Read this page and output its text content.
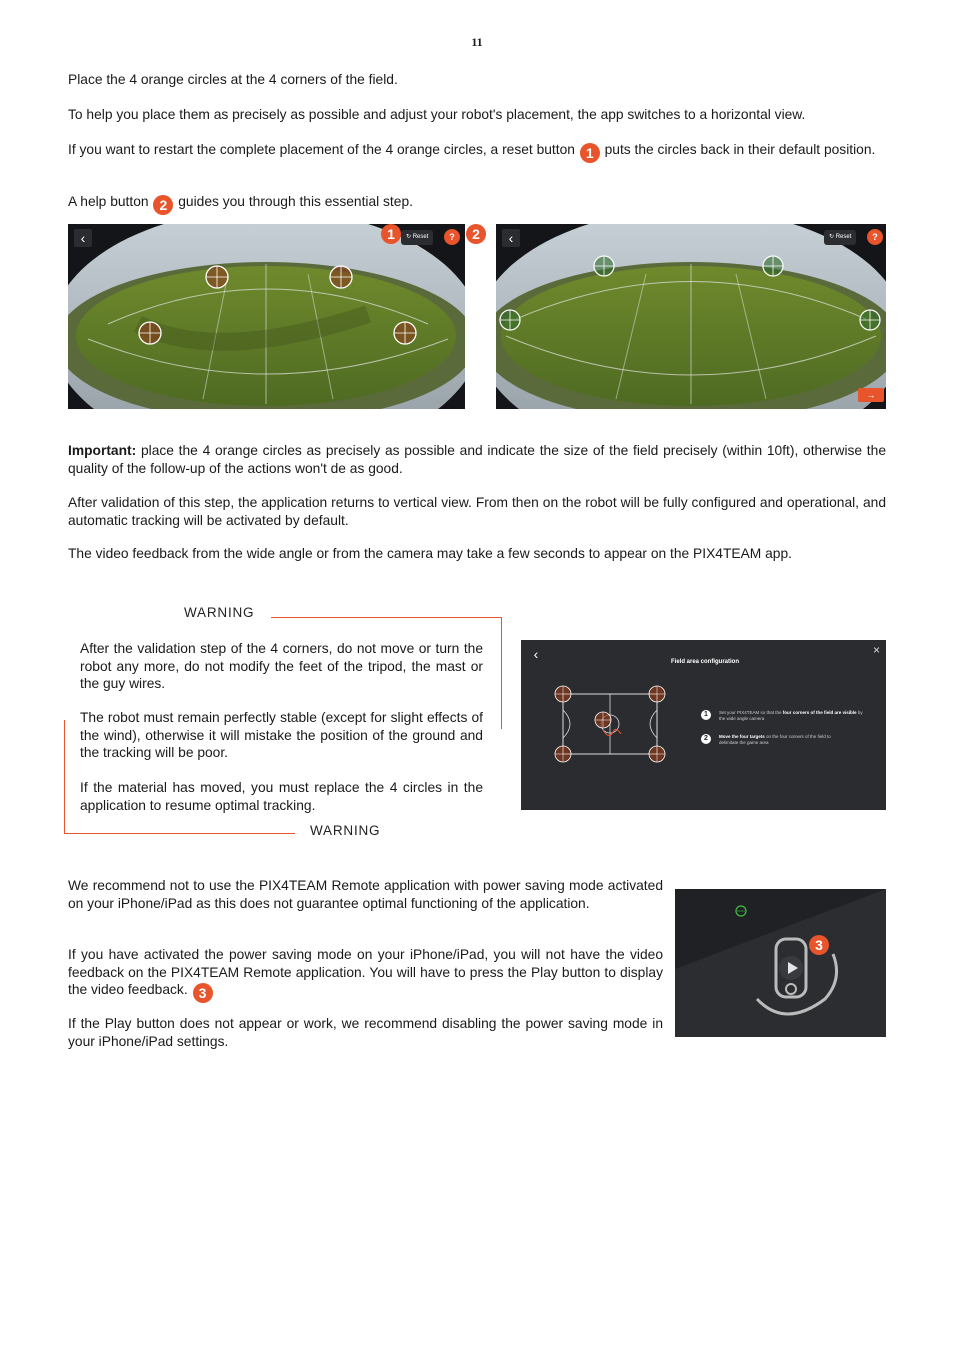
11

Place the 4 orange circles at the 4 corners of the field.

To help you place them as precisely as possible and adjust your robot's placement, the app switches to a horizontal view.

If you want to restart the complete placement of the 4 orange circles, a reset button 1 puts the circles back in their default position.

A help button 2 guides you through this essential step.

‹	↻ Reset	?
1	2	‹	↻ Reset	?
→

Important: place the 4 orange circles as precisely as possible and indicate the size of the field precisely (within 10ft), otherwise the quality of the follow-up of the actions won't de as good.

After validation of this step, the application returns to vertical view. From then on the robot will be fully configured and operational, and automatic tracking will be activated by default.

The video feedback from the wide angle or from the camera may take a few seconds to appear on the PIX4TEAM app.

WARNING
WARNING

After the validation step of the 4 corners, do not move or turn the robot any more, do not modify the feet of the tripod, the mast or the guy wires.

The robot must remain perfectly stable (except for slight effects of the wind), otherwise it will mistake the position of the ground and the tracking will be poor.

If the material has moved, you must replace the 4 circles in the application to resume optimal tracking.

‹	×
Field area configuration
1	Set your PIX4TEAM so that the four corners of the field are visible by the wide angle camera
2	Move the four targets on the four corners of the field to delimitate the game area

We recommend not to use the PIX4TEAM Remote application with power saving mode activated on your iPhone/iPad as this does not guarantee optimal functioning of the application.

If you have activated the power saving mode on your iPhone/iPad, you will not have the video feedback on the PIX4TEAM Remote application. You will have to press the Play button to display the video feedback. 3

If the Play button does not appear or work, we recommend disabling the power saving mode in your iPhone/iPad settings.

3
